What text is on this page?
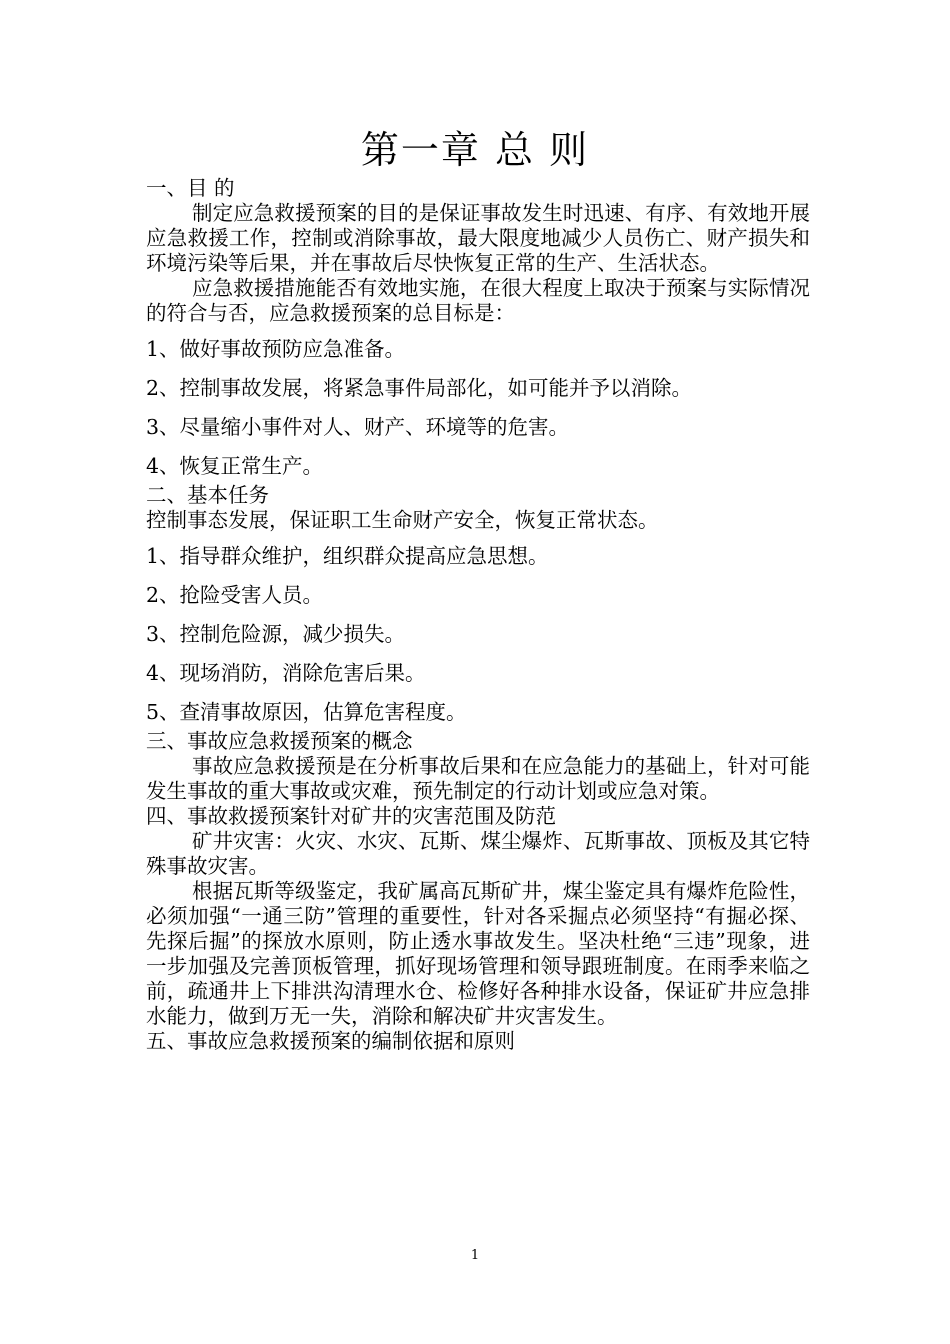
第一章 总 则

一、目 的

制定应急救援预案的目的是保证事故发生时迅速、有序、有效地开展应急救援工作，控制或消除事故，最大限度地减少人员伤亡、财产损失和环境污染等后果，并在事故后尽快恢复正常的生产、生活状态。

应急救援措施能否有效地实施，在很大程度上取决于预案与实际情况的符合与否，应急救援预案的总目标是：

1、做好事故预防应急准备。

2、控制事故发展，将紧急事件局部化，如可能并予以消除。

3、尽量缩小事件对人、财产、环境等的危害。

4、恢复正常生产。

二、基本任务

控制事态发展，保证职工生命财产安全，恢复正常状态。

1、指导群众维护，组织群众提高应急思想。

2、抢险受害人员。

3、控制危险源，减少损失。

4、现场消防，消除危害后果。

5、查清事故原因，估算危害程度。

三、事故应急救援预案的概念

事故应急救援预是在分析事故后果和在应急能力的基础上，针对可能发生事故的重大事故或灾难，预先制定的行动计划或应急对策。

四、事故救援预案针对矿井的灾害范围及防范

矿井灾害：火灾、水灾、瓦斯、煤尘爆炸、瓦斯事故、顶板及其它特殊事故灾害。

根据瓦斯等级鉴定，我矿属高瓦斯矿井，煤尘鉴定具有爆炸危险性，必须加强“一通三防”管理的重要性，针对各采掘点必须坚持“有掘必探、先探后掘”的探放水原则，防止透水事故发生。坚决杜绝“三违”现象，进一步加强及完善顶板管理，抓好现场管理和领导跟班制度。在雨季来临之前，疏通井上下排洪沟清理水仓、检修好各种排水设备，保证矿井应急排水能力，做到万无一失，消除和解决矿井灾害发生。

五、事故应急救援预案的编制依据和原则

1
